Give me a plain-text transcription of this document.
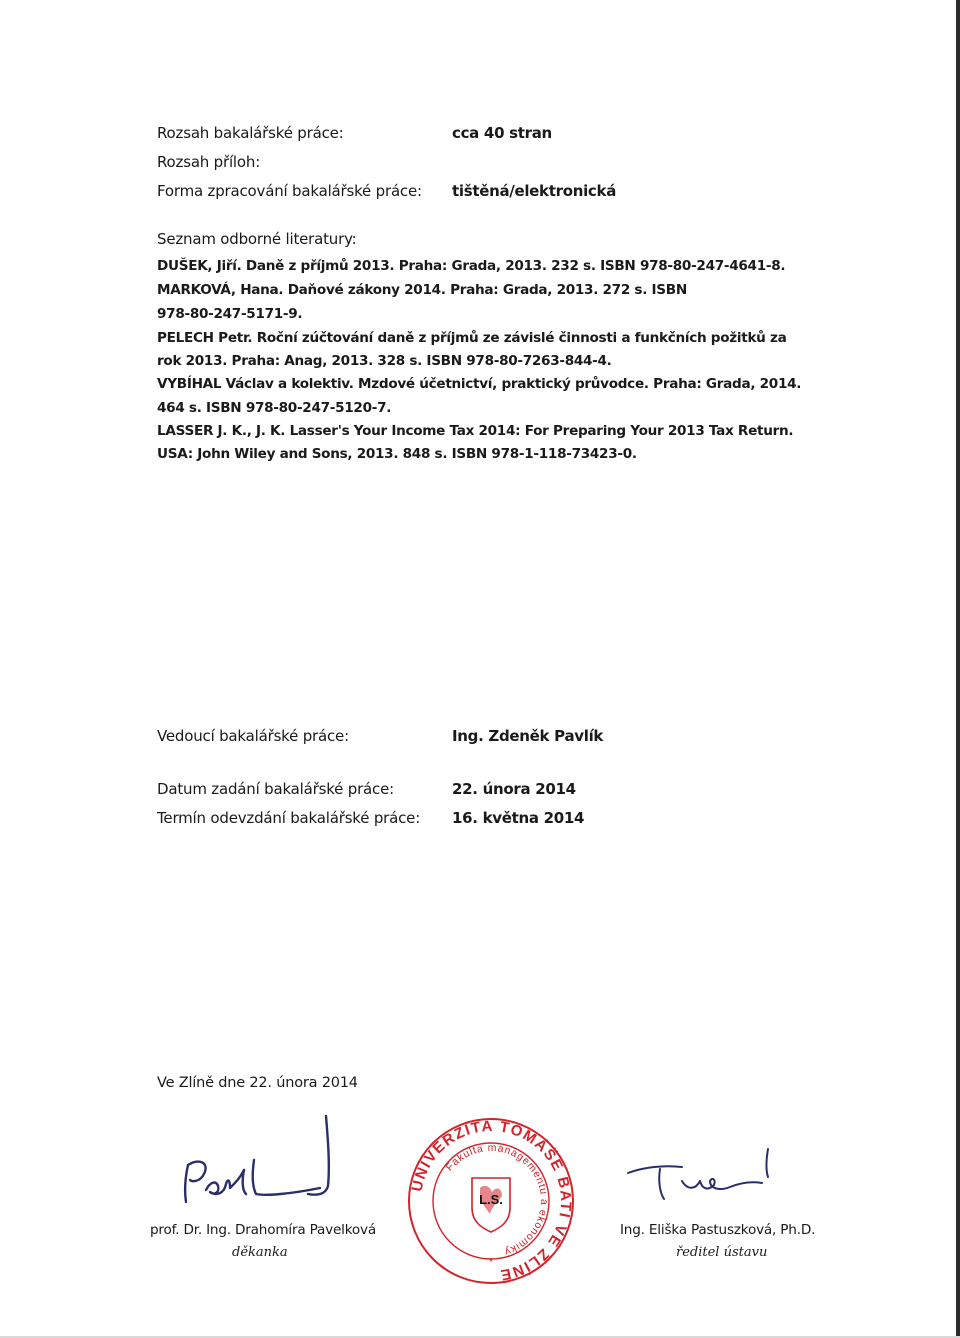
Rozsah bakalářské práce:	cca 40 stran
Rozsah příloh:
Forma zpracování bakalářské práce: tištěná/elektronická
Seznam odborné literatury:
DUŠEK, Jiří. Daně z příjmů 2013. Praha: Grada, 2013. 232 s. ISBN 978-80-247-4641-8.
MARKOVÁ, Hana. Daňové zákony 2014. Praha: Grada, 2013. 272 s. ISBN
978-80-247-5171-9.
PELECH Petr. Roční zúčtování daně z příjmů ze závislé činnosti a funkčních požitků za
rok 2013. Praha: Anag, 2013. 328 s. ISBN 978-80-7263-844-4.
VYBÍHAL Václav a kolektiv. Mzdové účetnictví, praktický průvodce. Praha: Grada, 2014.
464 s. ISBN 978-80-247-5120-7.
LASSER J. K., J. K. Lasser's Your Income Tax 2014: For Preparing Your 2013 Tax Return.
USA: John Wiley and Sons, 2013. 848 s. ISBN 978-1-118-73423-0.
Vedoucí bakalářské práce:	Ing. Zdeněk Pavlík
Datum zadání bakalářské práce:	22. února 2014
Termín odevzdání bakalářské práce: 16. května 2014
Ve Zlíně dne 22. února 2014
UNIVERZITA TOMÁŠE BATI VE ZLÍNĚ
Fakulta managementu a ekonomiky
L.S.
*
prof. Dr. Ing. Drahomíra Pavelková
děkanka
Ing. Eliška Pastuszková, Ph.D.
ředitel ústavu
